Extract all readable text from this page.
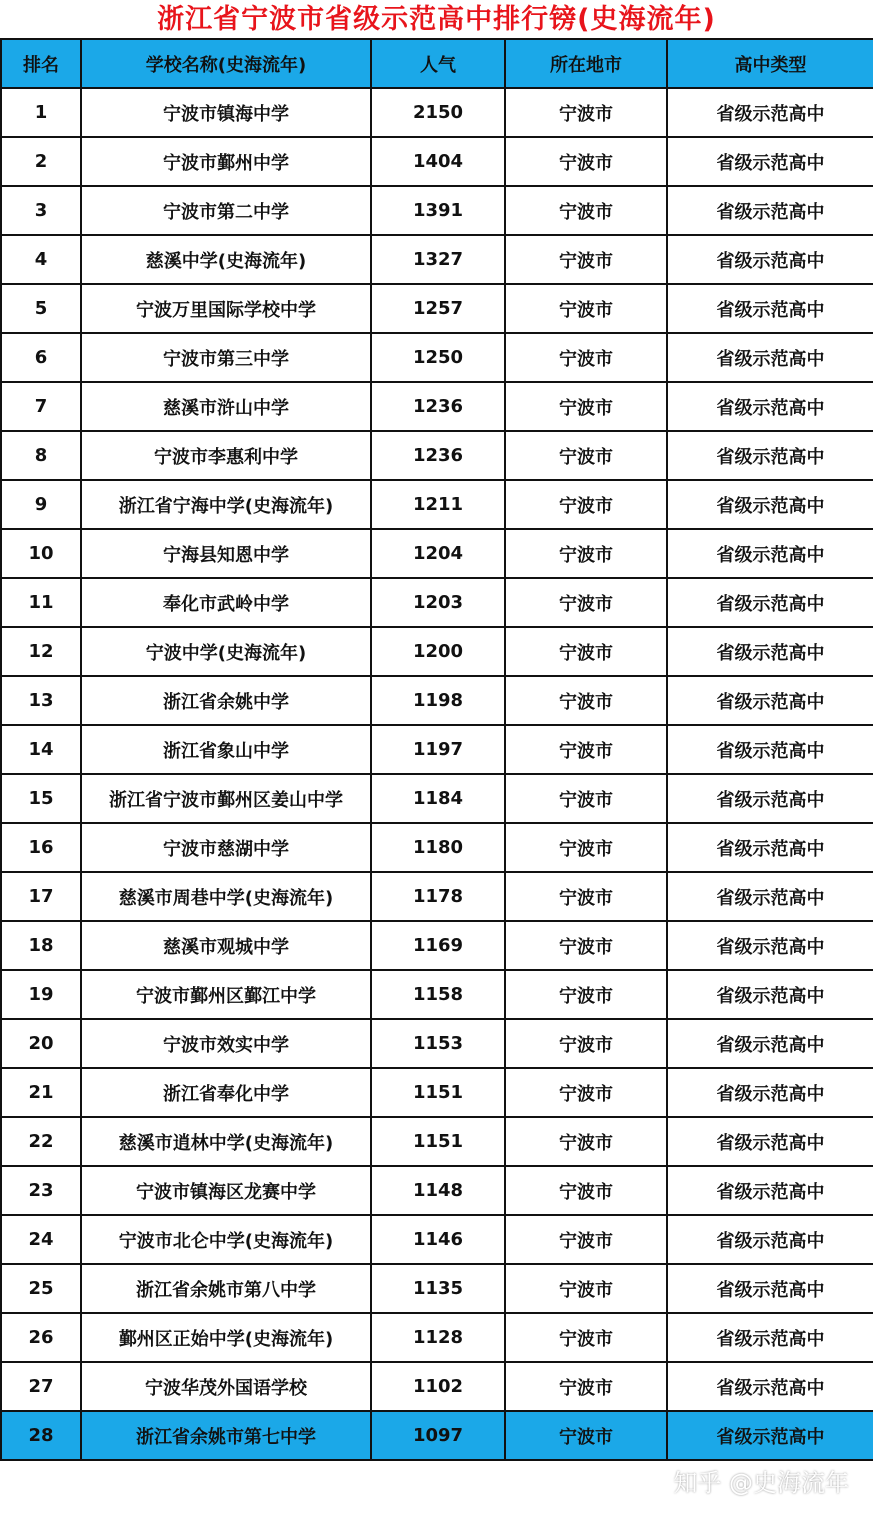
浙江省宁波市省级示范高中排行镑(史海流年)
排名	学校名称(史海流年)	人气	所在地市	高中类型
1	宁波市镇海中学	2150	宁波市	省级示范高中
2	宁波市鄞州中学	1404	宁波市	省级示范高中
3	宁波市第二中学	1391	宁波市	省级示范高中
4	慈溪中学(史海流年)	1327	宁波市	省级示范高中
5	宁波万里国际学校中学	1257	宁波市	省级示范高中
6	宁波市第三中学	1250	宁波市	省级示范高中
7	慈溪市浒山中学	1236	宁波市	省级示范高中
8	宁波市李惠利中学	1236	宁波市	省级示范高中
9	浙江省宁海中学(史海流年)	1211	宁波市	省级示范高中
10	宁海县知恩中学	1204	宁波市	省级示范高中
11	奉化市武岭中学	1203	宁波市	省级示范高中
12	宁波中学(史海流年)	1200	宁波市	省级示范高中
13	浙江省余姚中学	1198	宁波市	省级示范高中
14	浙江省象山中学	1197	宁波市	省级示范高中
15	浙江省宁波市鄞州区姜山中学	1184	宁波市	省级示范高中
16	宁波市慈湖中学	1180	宁波市	省级示范高中
17	慈溪市周巷中学(史海流年)	1178	宁波市	省级示范高中
18	慈溪市观城中学	1169	宁波市	省级示范高中
19	宁波市鄞州区鄞江中学	1158	宁波市	省级示范高中
20	宁波市效实中学	1153	宁波市	省级示范高中
21	浙江省奉化中学	1151	宁波市	省级示范高中
22	慈溪市逍林中学(史海流年)	1151	宁波市	省级示范高中
23	宁波市镇海区龙赛中学	1148	宁波市	省级示范高中
24	宁波市北仑中学(史海流年)	1146	宁波市	省级示范高中
25	浙江省余姚市第八中学	1135	宁波市	省级示范高中
26	鄞州区正始中学(史海流年)	1128	宁波市	省级示范高中
27	宁波华茂外国语学校	1102	宁波市	省级示范高中
28	浙江省余姚市第七中学	1097	宁波市	省级示范高中
知乎 @史海流年
